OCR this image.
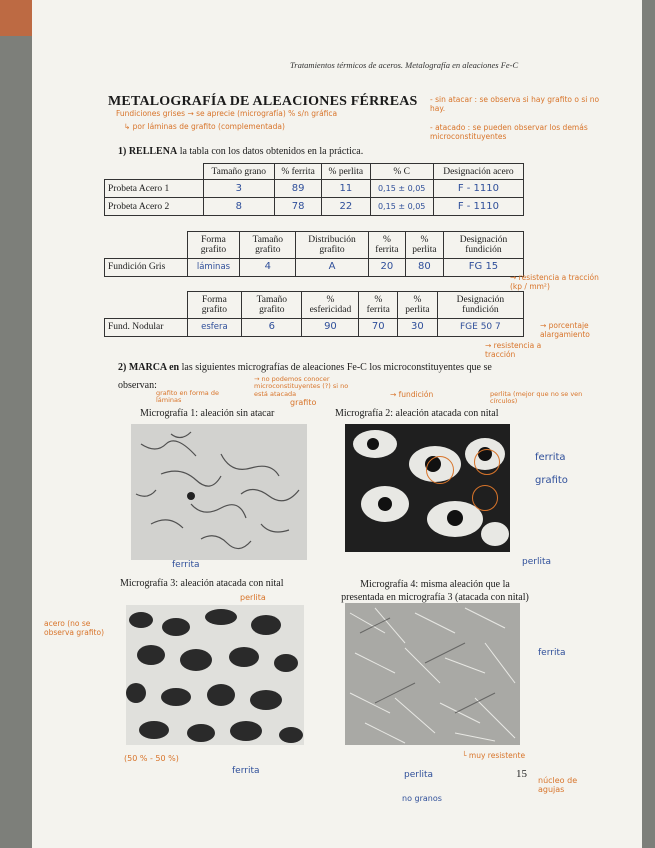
Tratamientos térmicos de aceros. Metalografía en aleaciones Fe-C
METALOGRAFÍA DE ALEACIONES FÉRREAS
Fundiciones grises → se aprecie (micrografía) % s/n gráfica
↳ por láminas de grafito (complementada)
- sin atacar : se observa si hay grafito o si no hay.
- atacado : se pueden observar los demás microconstituyentes
1) RELLENA la tabla con los datos obtenidos en la práctica.
	Tamaño grano	% ferrita	% perlita	% C	Designación acero
Probeta Acero 1	3	89	11	0,15 ± 0,05	F - 1110
Probeta Acero 2	8	78	22	0,15 ± 0,05	F - 1110
	Forma grafito	Tamaño grafito	Distribución grafito	% ferrita	% perlita	Designación fundición
Fundición Gris	láminas	4	A	20	80	FG 15
→ resistencia a tracción (kp / mm²)
	Forma grafito	Tamaño grafito	% esfericidad	% ferrita	% perlita	Designación fundición
Fund. Nodular	esfera	6	90	70	30	FGE 50 7	→ porcentaje alargamiento
→ resistencia a tracción
2) MARCA en las siguientes micrografías de aleaciones Fe-C los microconstituyentes que se
observan:
→ no podemos conocer microconstituyentes (?) si no está atacada
grafito en forma de láminas	grafito
→ fundición	perlita (mejor que no se ven círculos)
Micrografía 1: aleación sin atacar	Micrografía 2: aleación atacada con nital
ferrita
ferrita
grafito
perlita
Micrografía 3: aleación atacada con nital	Micrografía 4: misma aleación que la
presentada en micrografía 3 (atacada con nital)
perlita
acero (no se observa grafito)
(50 % - 50 %)
ferrita
ferrita
└ muy resistente
núcleo de agujas
perlita
no granos
15
